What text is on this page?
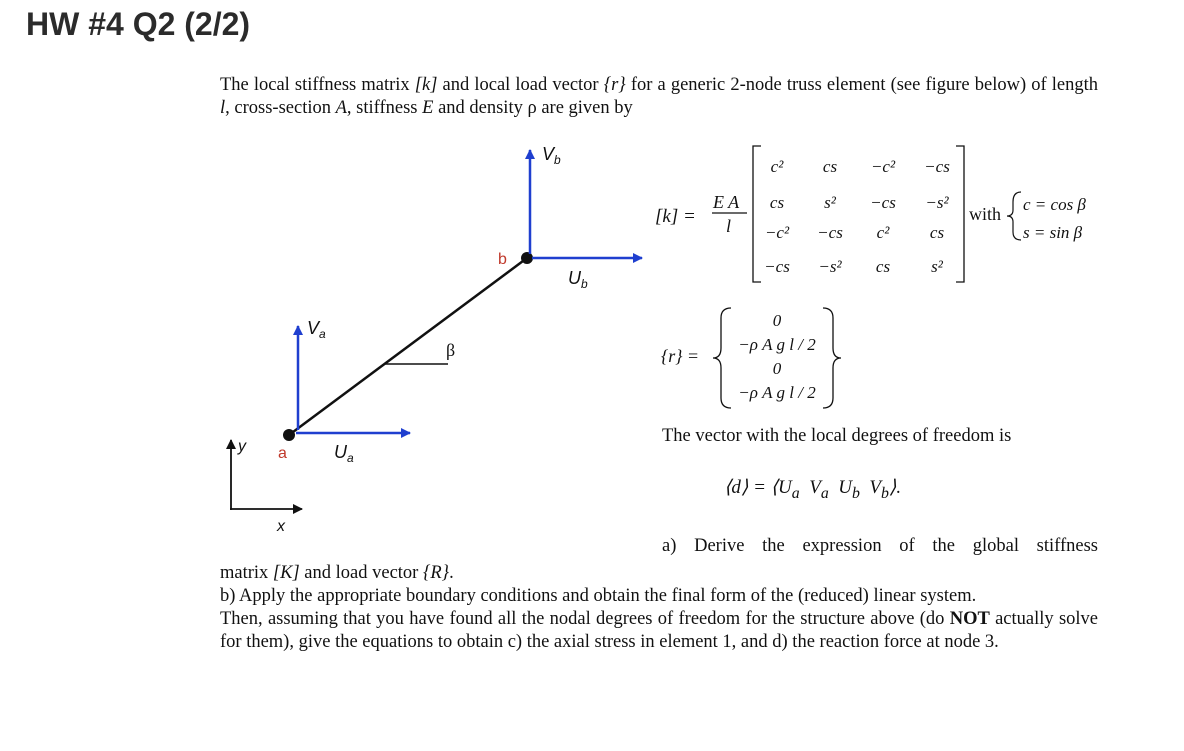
HW #4 Q2 (2/2)
The local stiffness matrix [k] and local load vector {r} for a generic 2-node truss element (see figure below) of length l, cross-section A, stiffness E and density ρ are given by
β
a
b
$V_a$
$U_a$
$V_b$
$U_b$
y
x
[k] =
E A
l
c² cs −c² −cs
cs s² −cs −s²
−c² −cs c² cs
−cs −s² cs s²
with c = cos β
s = sin β
{r} =
0
−ρ A g l / 2
0
−ρ A g l / 2
The vector with the local degrees of freedom is
⟨d⟩ = $⟨U_a$ $V_a$ $U_b$ $V_b⟩$.
a) Derive the expression of the global stiffness
matrix [K] and load vector {R}.
b) Apply the appropriate boundary conditions and obtain the final form of the (reduced) linear system.
Then, assuming that you have found all the nodal degrees of freedom for the structure above (do NOT actually solve for them), give the equations to obtain c) the axial stress in element 1, and d) the reaction force at node 3.
